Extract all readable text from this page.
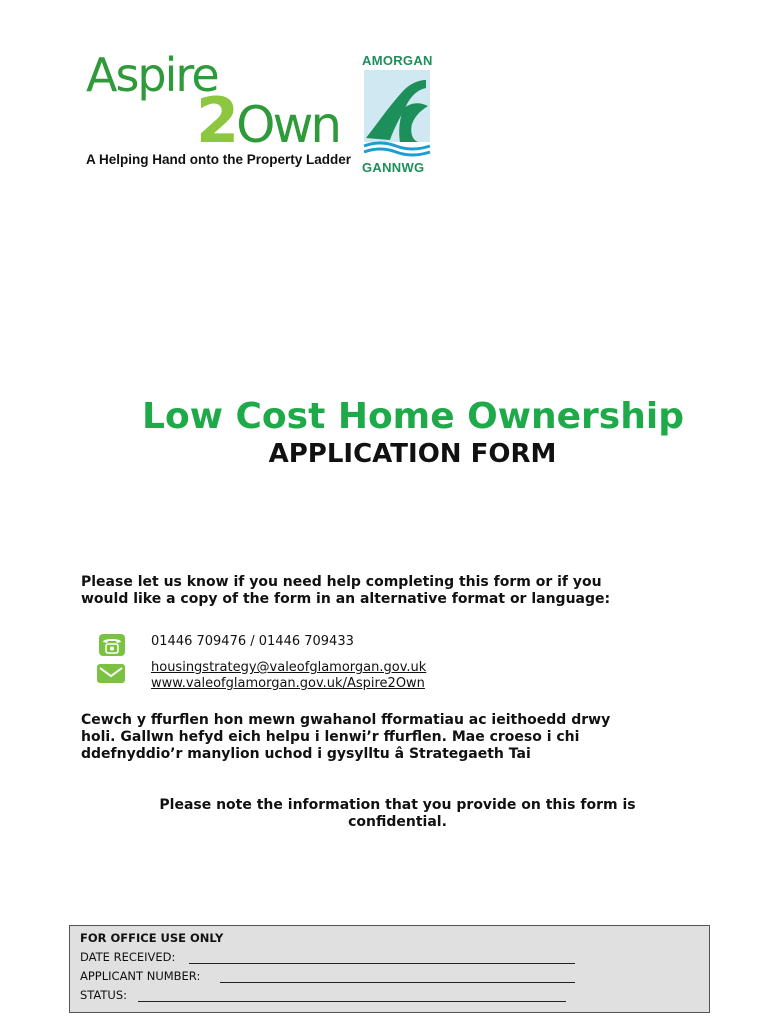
Aspire
2Own
A Helping Hand onto the Property Ladder
AMORGAN
GANNWG
Low Cost Home Ownership
APPLICATION FORM
Please let us know if you need help completing this form or if you
would like a copy of the form in an alternative format or language:
01446 709476 / 01446 709433
housingstrategy@valeofglamorgan.gov.uk
www.valeofglamorgan.gov.uk/Aspire2Own
Cewch y ffurflen hon mewn gwahanol fformatiau ac ieithoedd drwy
holi. Gallwn hefyd eich helpu i lenwi’r ffurflen. Mae croeso i chi
ddefnyddio’r manylion uchod i gysylltu â Strategaeth Tai
Please note the information that you provide on this form is
confidential.
FOR OFFICE USE ONLY
DATE RECEIVED:
APPLICANT NUMBER:
STATUS:
